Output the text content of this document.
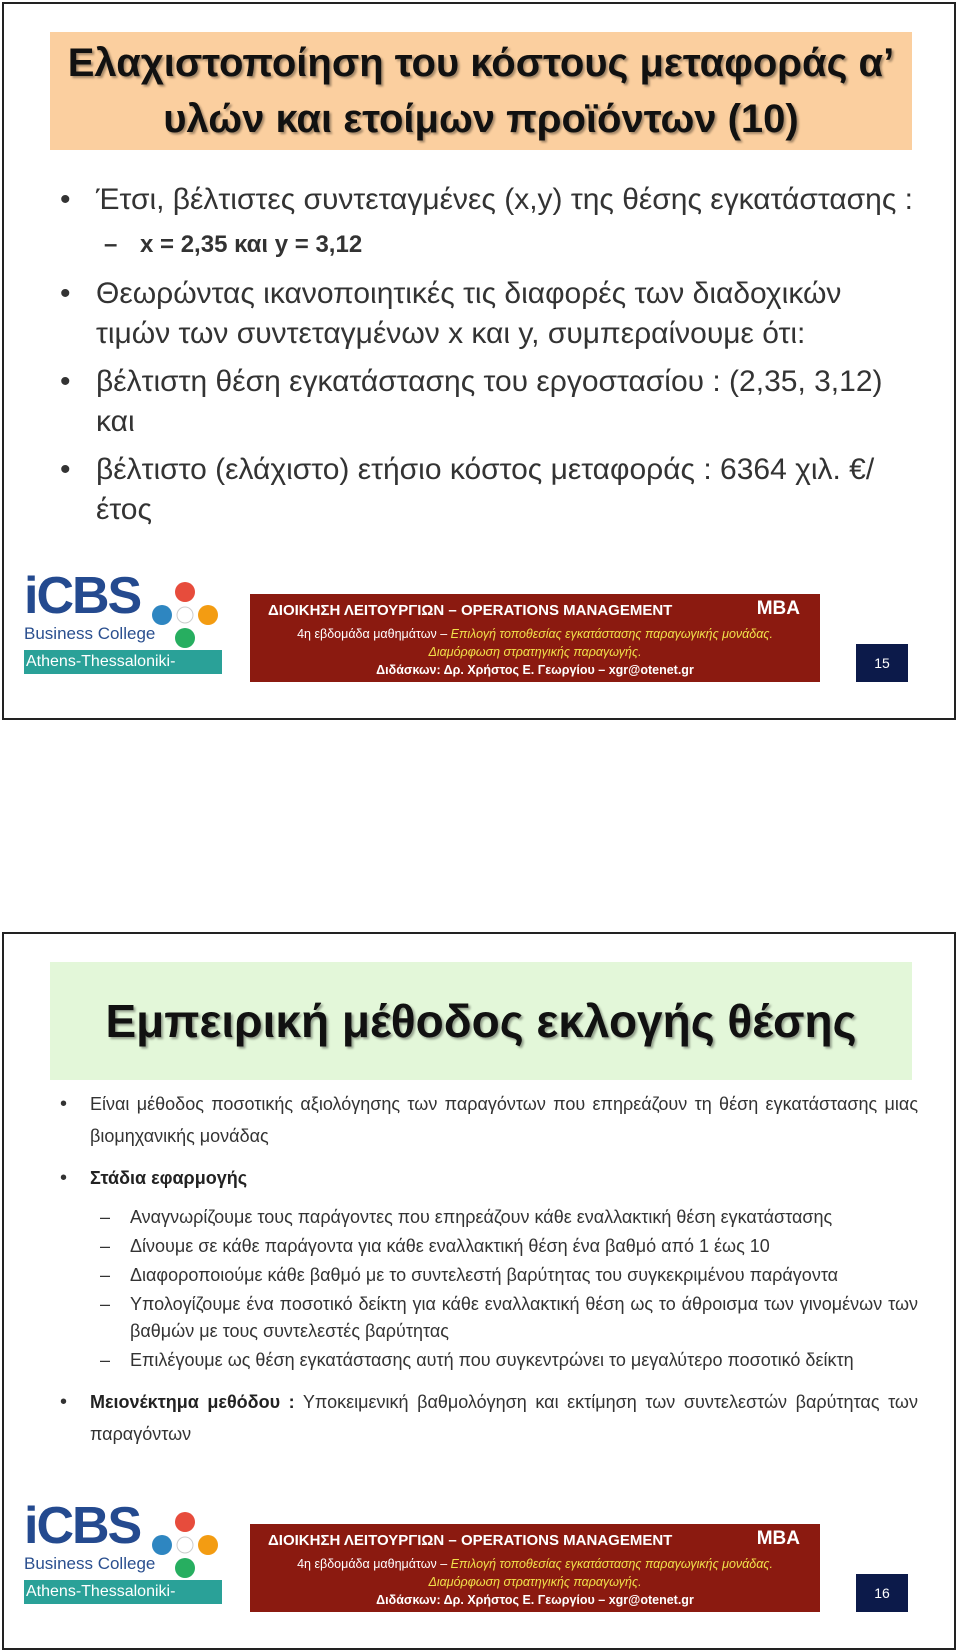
Ελαχιστοποίηση του κόστους μεταφοράς α’ υλών και ετοίμων προϊόντων (10)
• Έτσι, βέλτιστες συντεταγμένες (x,y) της θέσης εγκατάστασης :
– x = 2,35 και y = 3,12
• Θεωρώντας ικανοποιητικές τις διαφορές των διαδοχικών τιμών των συντεταγμένων x και y, συμπεραίνουμε ότι:
• βέλτιστη θέση εγκατάστασης του εργοστασίου : (2,35, 3,12) και
• βέλτιστο (ελάχιστο) ετήσιο κόστος μεταφοράς : 6364 χιλ. €/έτος
iCBS
Business College
Athens-Thessaloniki-Larissa
ΔΙΟΙΚΗΣΗ ΛΕΙΤΟΥΡΓΙΩΝ – OPERATIONS MANAGEMENT	MBA
4η εβδομάδα μαθημάτων – Επιλογή τοποθεσίας εγκατάστασης παραγωγικής μονάδας.
Διαμόρφωση στρατηγικής παραγωγής.
Διδάσκων: Δρ. Χρήστος Ε. Γεωργίου – xgr@otenet.gr	15
Εμπειρική μέθοδος εκλογής θέσης
• Είναι μέθοδος ποσοτικής αξιολόγησης των παραγόντων που επηρεάζουν τη θέση εγκατάστασης μιας βιομηχανικής μονάδας
• Στάδια εφαρμογής
– Αναγνωρίζουμε τους παράγοντες που επηρεάζουν κάθε εναλλακτική θέση εγκατάστασης
– Δίνουμε σε κάθε παράγοντα για κάθε εναλλακτική θέση ένα βαθμό από 1 έως 10
– Διαφοροποιούμε κάθε βαθμό με το συντελεστή βαρύτητας του συγκεκριμένου παράγοντα
– Υπολογίζουμε ένα ποσοτικό δείκτη για κάθε εναλλακτική θέση ως το άθροισμα των γινομένων των βαθμών με τους συντελεστές βαρύτητας
– Επιλέγουμε ως θέση εγκατάστασης αυτή που συγκεντρώνει το μεγαλύτερο ποσοτικό δείκτη
• Μειονέκτημα μεθόδου : Υποκειμενική βαθμολόγηση και εκτίμηση των συντελεστών βαρύτητας των παραγόντων
iCBS
Business College
Athens-Thessaloniki-Larissa
ΔΙΟΙΚΗΣΗ ΛΕΙΤΟΥΡΓΙΩΝ – OPERATIONS MANAGEMENT	MBA
4η εβδομάδα μαθημάτων – Επιλογή τοποθεσίας εγκατάστασης παραγωγικής μονάδας.
Διαμόρφωση στρατηγικής παραγωγής.
Διδάσκων: Δρ. Χρήστος Ε. Γεωργίου – xgr@otenet.gr	16
